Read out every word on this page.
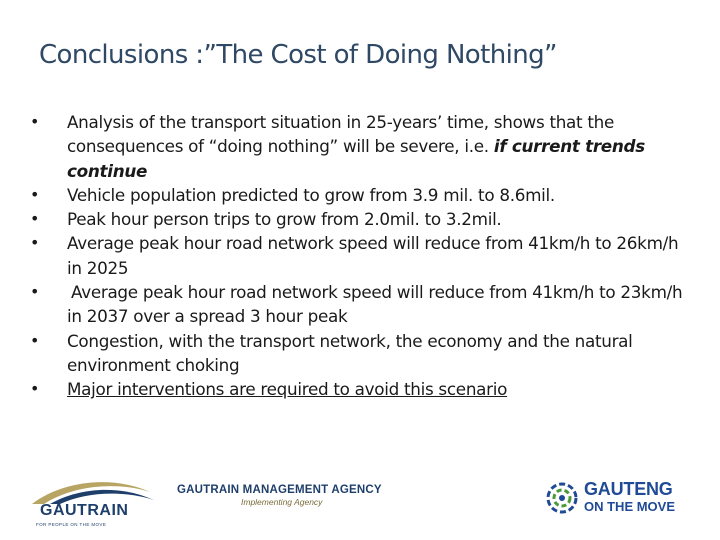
Conclusions :”The Cost of Doing Nothing”
• Analysis of the transport situation in 25-years’ time, shows that the consequences of “doing nothing” will be severe, i.e. if current trends continue
• Vehicle population predicted to grow from 3.9 mil. to 8.6mil.
• Peak hour person trips to grow from 2.0mil. to 3.2mil.
• Average peak hour road network speed will reduce from 41km/h to 26km/h in 2025
• Average peak hour road network speed will reduce from 41km/h to 23km/h in 2037 over a spread 3 hour peak
• Congestion, with the transport network, the economy and the natural environment choking
• Major interventions are required to avoid this scenario
GAUTRAIN
FOR PEOPLE ON THE MOVE
GAUTRAIN MANAGEMENT AGENCY
Implementing Agency
GAUTENG
ON THE MOVE
